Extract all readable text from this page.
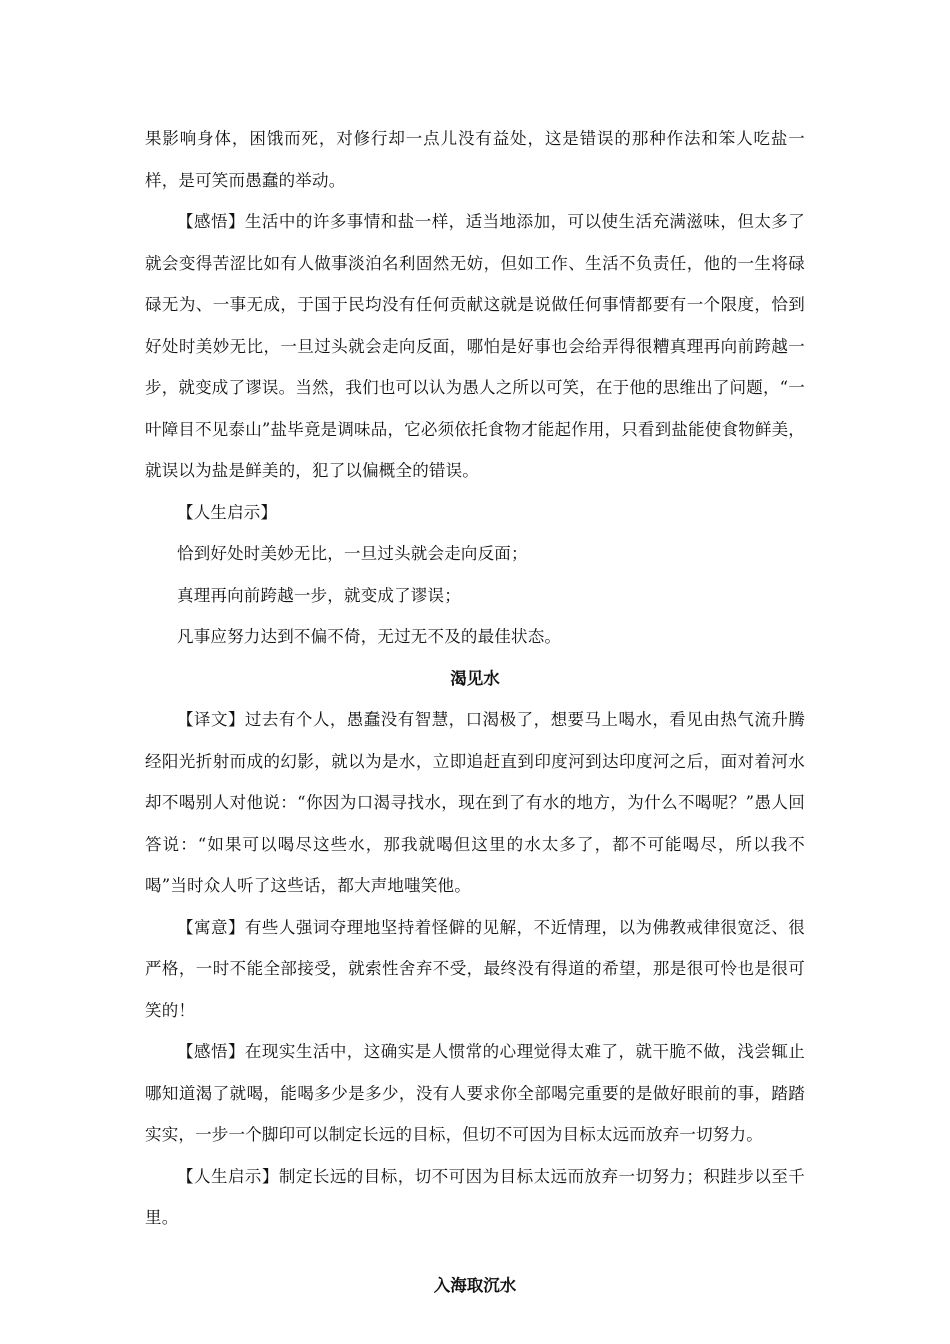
果影响身体，困饿而死，对修行却一点儿没有益处，这是错误的那种作法和笨人吃盐一样，是可笑而愚蠢的举动。

【感悟】生活中的许多事情和盐一样，适当地添加，可以使生活充满滋味，但太多了就会变得苦涩比如有人做事淡泊名利固然无妨，但如工作、生活不负责任，他的一生将碌碌无为、一事无成，于国于民均没有任何贡献这就是说做任何事情都要有一个限度，恰到好处时美妙无比，一旦过头就会走向反面，哪怕是好事也会给弄得很糟真理再向前跨越一步，就变成了谬误。当然，我们也可以认为愚人之所以可笑，在于他的思维出了问题，“一叶障目不见泰山”盐毕竟是调味品，它必须依托食物才能起作用，只看到盐能使食物鲜美，就误以为盐是鲜美的，犯了以偏概全的错误。

【人生启示】

恰到好处时美妙无比，一旦过头就会走向反面；

真理再向前跨越一步，就变成了谬误；

凡事应努力达到不偏不倚，无过无不及的最佳状态。

渴见水

【译文】过去有个人，愚蠢没有智慧，口渴极了，想要马上喝水，看见由热气流升腾经阳光折射而成的幻影，就以为是水，立即追赶直到印度河到达印度河之后，面对着河水却不喝别人对他说：“你因为口渴寻找水，现在到了有水的地方，为什么不喝呢？”愚人回答说：“如果可以喝尽这些水，那我就喝但这里的水太多了，都不可能喝尽，所以我不喝”当时众人听了这些话，都大声地嗤笑他。

【寓意】有些人强词夺理地坚持着怪僻的见解，不近情理，以为佛教戒律很宽泛、很严格，一时不能全部接受，就索性舍弃不受，最终没有得道的希望，那是很可怜也是很可笑的！

【感悟】在现实生活中，这确实是人惯常的心理觉得太难了，就干脆不做，浅尝辄止哪知道渴了就喝，能喝多少是多少，没有人要求你全部喝完重要的是做好眼前的事，踏踏实实，一步一个脚印可以制定长远的目标，但切不可因为目标太远而放弃一切努力。

【人生启示】制定长远的目标，切不可因为目标太远而放弃一切努力；积跬步以至千里。

入海取沉水
